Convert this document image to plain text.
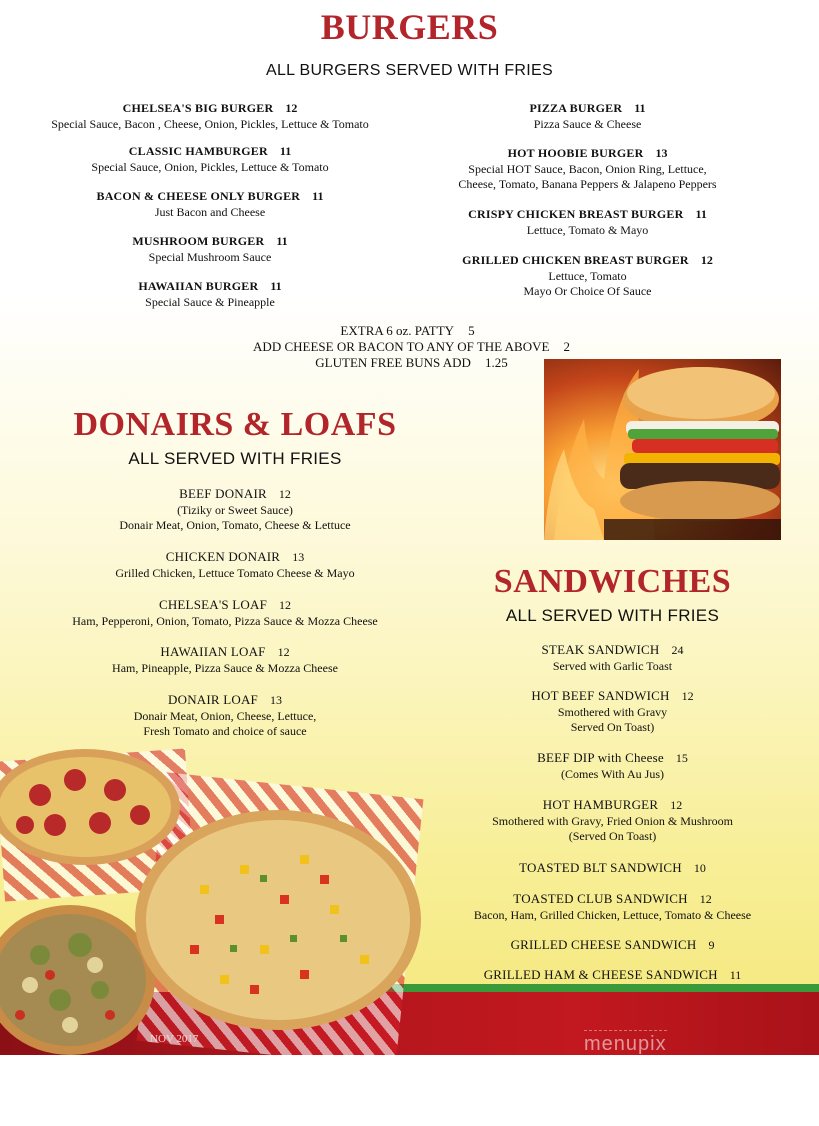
BURGERS
ALL BURGERS SERVED WITH FRIES
CHELSEA'S BIG BURGER 12
Special Sauce, Bacon , Cheese, Onion, Pickles, Lettuce & Tomato
CLASSIC HAMBURGER 11
Special Sauce, Onion, Pickles, Lettuce & Tomato
BACON & CHEESE ONLY BURGER 11
Just Bacon and Cheese
MUSHROOM BURGER 11
Special Mushroom Sauce
HAWAIIAN BURGER 11
Special Sauce & Pineapple
PIZZA BURGER 11
Pizza Sauce & Cheese
HOT HOOBIE BURGER 13
Special HOT Sauce, Bacon, Onion Ring, Lettuce,
Cheese, Tomato, Banana Peppers & Jalapeno Peppers
CRISPY CHICKEN BREAST BURGER 11
Lettuce, Tomato & Mayo
GRILLED CHICKEN BREAST BURGER 12
Lettuce, Tomato
Mayo Or Choice Of Sauce
EXTRA 6 oz. PATTY 5
ADD CHEESE OR BACON TO ANY OF THE ABOVE 2
GLUTEN FREE BUNS ADD 1.25
DONAIRS & LOAFS
ALL SERVED WITH FRIES
BEEF DONAIR 12
(Tiziky or Sweet Sauce)
Donair Meat, Onion, Tomato, Cheese & Lettuce
CHICKEN DONAIR 13
Grilled Chicken, Lettuce Tomato Cheese & Mayo
CHELSEA'S LOAF 12
Ham, Pepperoni, Onion, Tomato, Pizza Sauce & Mozza Cheese
HAWAIIAN LOAF 12
Ham, Pineapple, Pizza Sauce & Mozza Cheese
DONAIR LOAF 13
Donair Meat, Onion, Cheese, Lettuce,
Fresh Tomato and choice of sauce
SANDWICHES
ALL SERVED WITH FRIES
STEAK SANDWICH 24
Served with Garlic Toast
HOT BEEF SANDWICH 12
Smothered with Gravy
Served On Toast)
BEEF DIP with Cheese 15
(Comes With Au Jus)
HOT HAMBURGER 12
Smothered with Gravy, Fried Onion & Mushroom
(Served On Toast)
TOASTED BLT SANDWICH 10
TOASTED CLUB SANDWICH 12
Bacon, Ham, Grilled Chicken, Lettuce, Tomato & Cheese
GRILLED CHEESE SANDWICH 9
GRILLED HAM & CHEESE SANDWICH 11
NOV 2017	menupix
